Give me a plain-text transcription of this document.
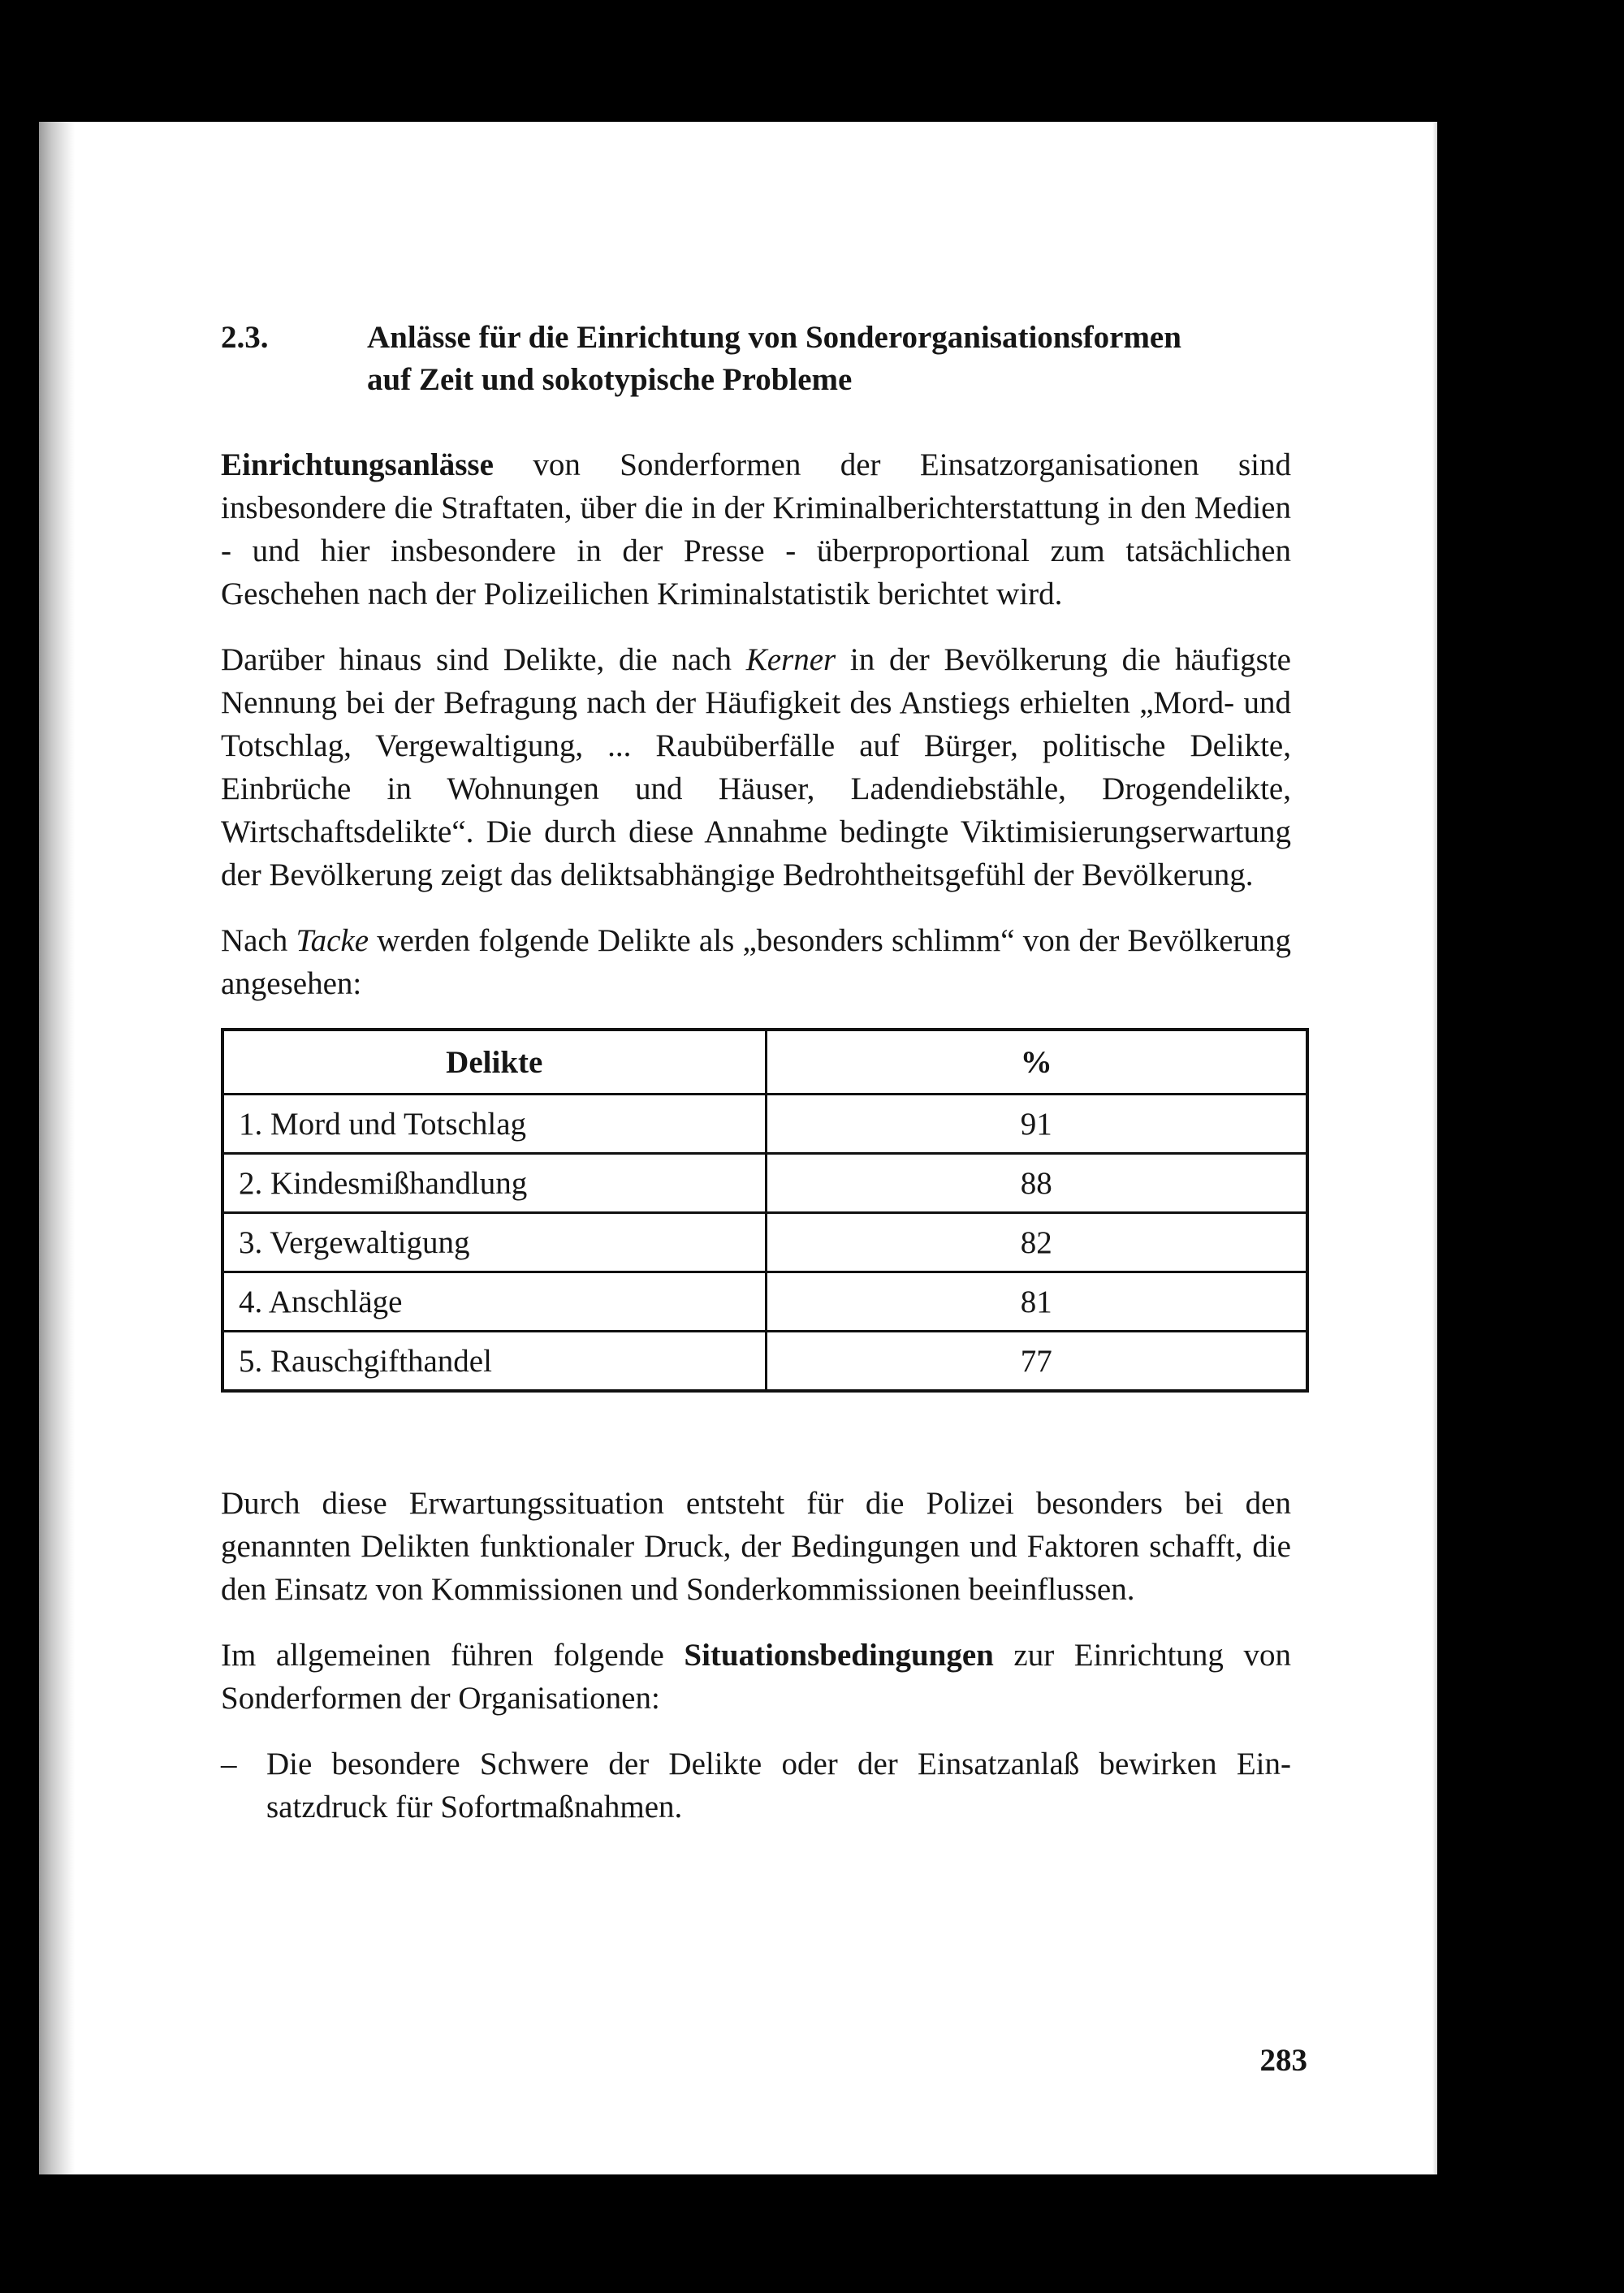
2.3.	Anlässe für die Einrichtung von Sonderorganisationsformen
auf Zeit und sokotypische Probleme

Einrichtungsanlässe von Sonderformen der Einsatzorganisationen sind insbesondere die Straftaten, über die in der Kriminalberichterstattung in den Medien - und hier insbesondere in der Presse - überproportional zum tatsächlichen Geschehen nach der Polizeilichen Kriminalstatistik berichtet wird.

Darüber hinaus sind Delikte, die nach Kerner in der Bevölkerung die häufigste Nennung bei der Befragung nach der Häufigkeit des Anstiegs erhielten „Mord- und Totschlag, Vergewaltigung, ... Raubüberfälle auf Bürger, politische Delikte, Einbrüche in Wohnungen und Häuser, Ladendiebstähle, Drogendelikte, Wirtschaftsdelikte“. Die durch diese Annahme bedingte Viktimisierungserwartung der Bevölkerung zeigt das deliktsabhängige Bedrohtheitsgefühl der Bevölkerung.

Nach Tacke werden folgende Delikte als „besonders schlimm“ von der Bevölkerung angesehen:

Delikte	%
1. Mord und Totschlag	91
2. Kindesmißhandlung	88
3. Vergewaltigung	82
4. Anschläge	81
5. Rauschgifthandel	77

Durch diese Erwartungssituation entsteht für die Polizei besonders bei den genannten Delikten funktionaler Druck, der Bedingungen und Faktoren schafft, die den Einsatz von Kommissionen und Sonderkommissionen beeinflussen.

Im allgemeinen führen folgende Situationsbedingungen zur Einrichtung von Sonderformen der Organisationen:

– Die besondere Schwere der Delikte oder der Einsatzanlaß bewirken Einsatzdruck für Sofortmaßnahmen.
283
